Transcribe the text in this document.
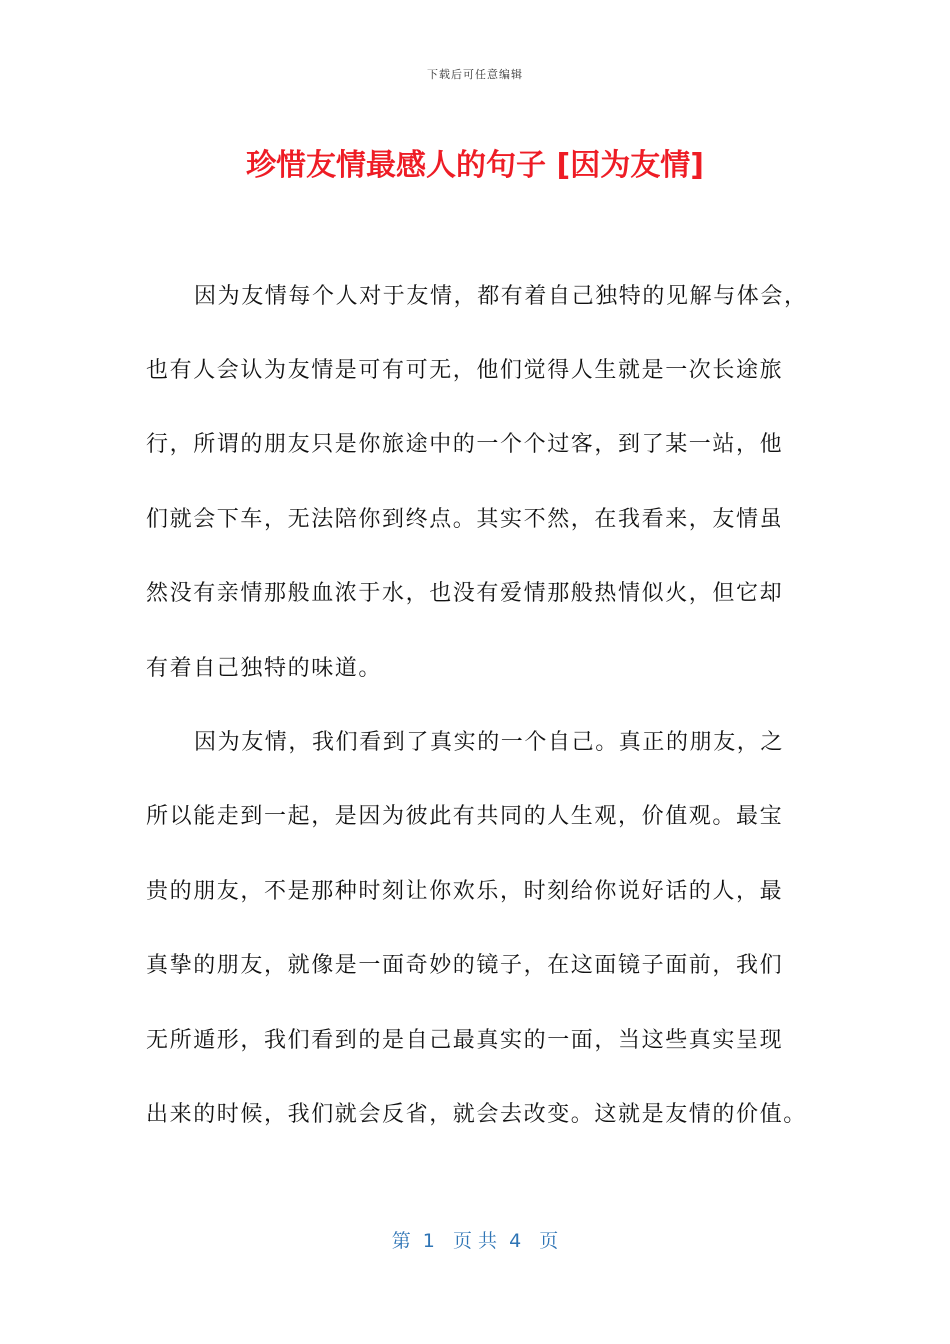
下载后可任意编辑
珍惜友情最感人的句子 [因为友情]
因为友情每个人对于友情，都有着自己独特的见解与体会，
也有人会认为友情是可有可无，他们觉得人生就是一次长途旅
行，所谓的朋友只是你旅途中的一个个过客，到了某一站，他
们就会下车，无法陪你到终点。其实不然，在我看来，友情虽
然没有亲情那般血浓于水，也没有爱情那般热情似火，但它却
有着自己独特的味道。
因为友情，我们看到了真实的一个自己。真正的朋友，之
所以能走到一起，是因为彼此有共同的人生观，价值观。最宝
贵的朋友，不是那种时刻让你欢乐，时刻给你说好话的人，最
真挚的朋友，就像是一面奇妙的镜子，在这面镜子面前，我们
无所遁形，我们看到的是自己最真实的一面，当这些真实呈现
出来的时候，我们就会反省，就会去改变。这就是友情的价值。
第  1   页 共  4   页
